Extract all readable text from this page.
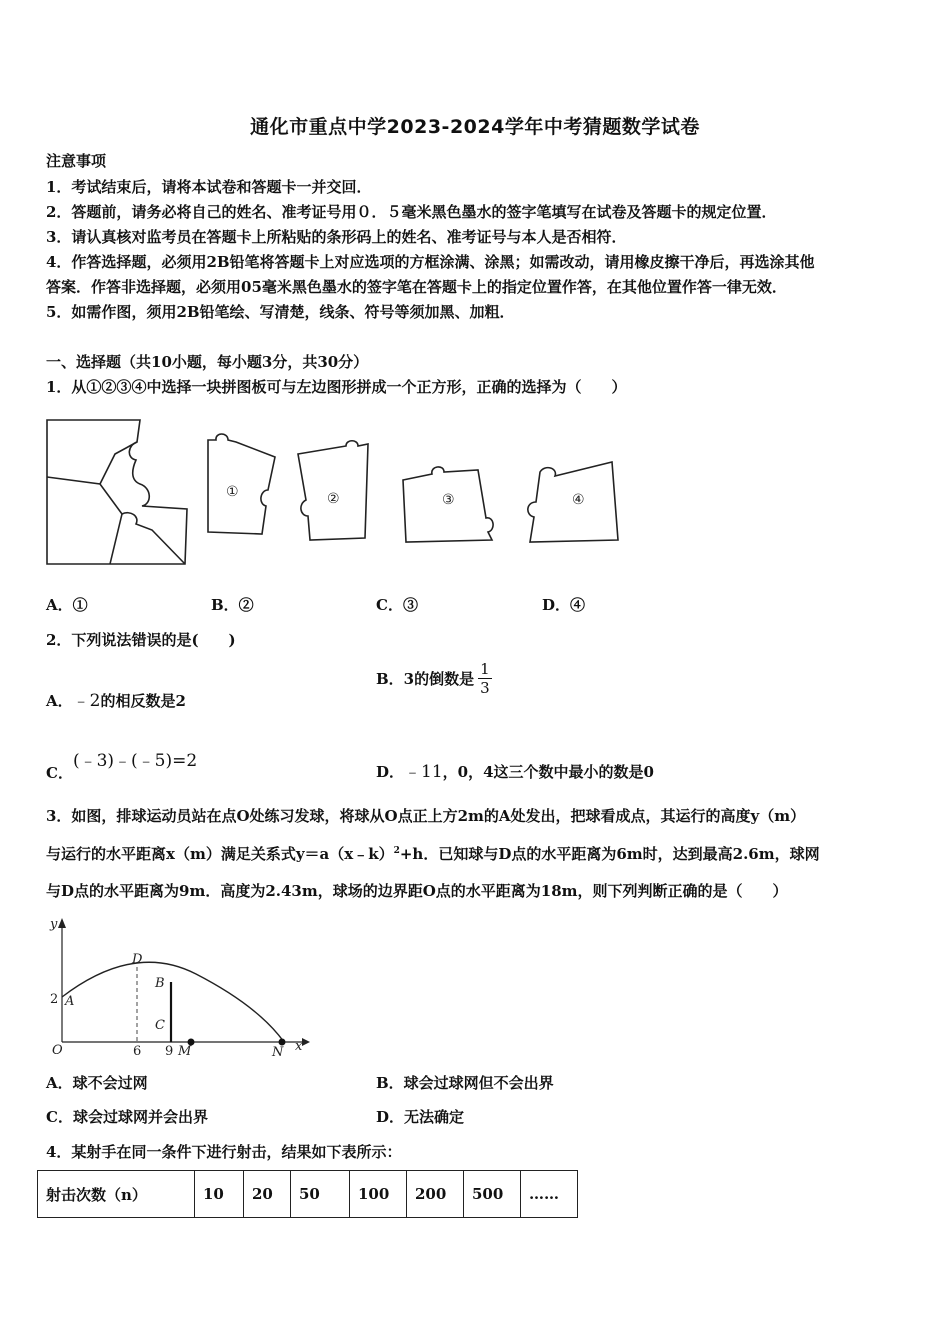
通化市重点中学2023-2024学年中考猜题数学试卷
注意事项
1．考试结束后，请将本试卷和答题卡一并交回．
2．答题前，请务必将自己的姓名、准考证号用０．５毫米黑色墨水的签字笔填写在试卷及答题卡的规定位置．
3．请认真核对监考员在答题卡上所粘贴的条形码上的姓名、准考证号与本人是否相符．
4．作答选择题，必须用2B铅笔将答题卡上对应选项的方框涂满、涂黑；如需改动，请用橡皮擦干净后，再选涂其他
答案．作答非选择题，必须用05毫米黑色墨水的签字笔在答题卡上的指定位置作答，在其他位置作答一律无效．
5．如需作图，须用2B铅笔绘、写清楚，线条、符号等须加黑、加粗．
一、选择题（共10小题，每小题3分，共30分）
1．从①②③④中选择一块拼图板可与左边图形拼成一个正方形，正确的选择为（　　）
①	②	③	④
A．①	B．②	C．③	D．④
2．下列说法错误的是(　　)
A．﹣2的相反数是2
B．3的倒数是 $\frac{1}{3}$
C．(﹣3)﹣(﹣5)=2
D．﹣11，0，4这三个数中最小的数是0
3．如图，排球运动员站在点O处练习发球，将球从O点正上方2m的A处发出，把球看成点，其运行的高度y（m）
与运行的水平距离x（m）满足关系式y＝a（x﹣k）$^2$+h．已知球与D点的水平距离为6m时，达到最高2.6m，球网
与D点的水平距离为9m．高度为2.43m，球场的边界距O点的水平距离为18m，则下列判断正确的是（　　）
y
x
O
2 A
D
B
C
6 9 M	N
A．球不会过网	B．球会过球网但不会出界
C．球会过球网并会出界	D．无法确定
4．某射手在同一条件下进行射击，结果如下表所示：
射击次数（n）	10	20	50	100	200	500	……
